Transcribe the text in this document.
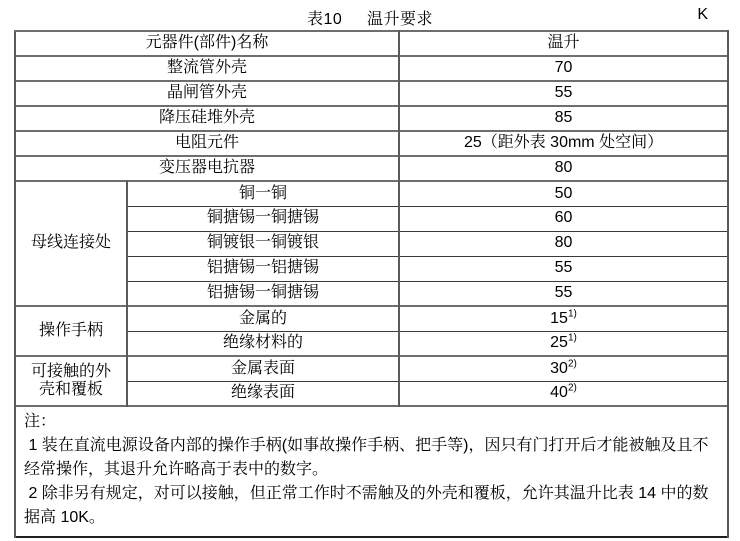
表10     温升要求	K
元器件(部件)名称		温升
整流管外壳		70
晶闸管外壳		55
降压硅堆外壳		85
电阻元件		25（距外表 30mm 处空间）
变压器电抗器		80
母线连接处	铜一铜	50
	铜搪锡一铜搪锡	60
	铜镀银一铜镀银	80
	铝搪锡一铝搪锡	55
	铝搪锡一铜搪锡	55
操作手柄	金属的	15$^{1)}$
	绝缘材料的	25$^{1)}$
可接触的外壳和覆板	金属表面	30$^{2)}$
	绝缘表面	40$^{2)}$

注：
1 装在直流电源设备内部的操作手柄(如事故操作手柄、把手等)，因只有门打开后才能被触及且不经常操作，其退升允许略高于表中的数字。
2 除非另有规定，对可以接触，但正常工作时不需触及的外壳和覆板，允许其温升比表 14 中的数据高 10K。		
